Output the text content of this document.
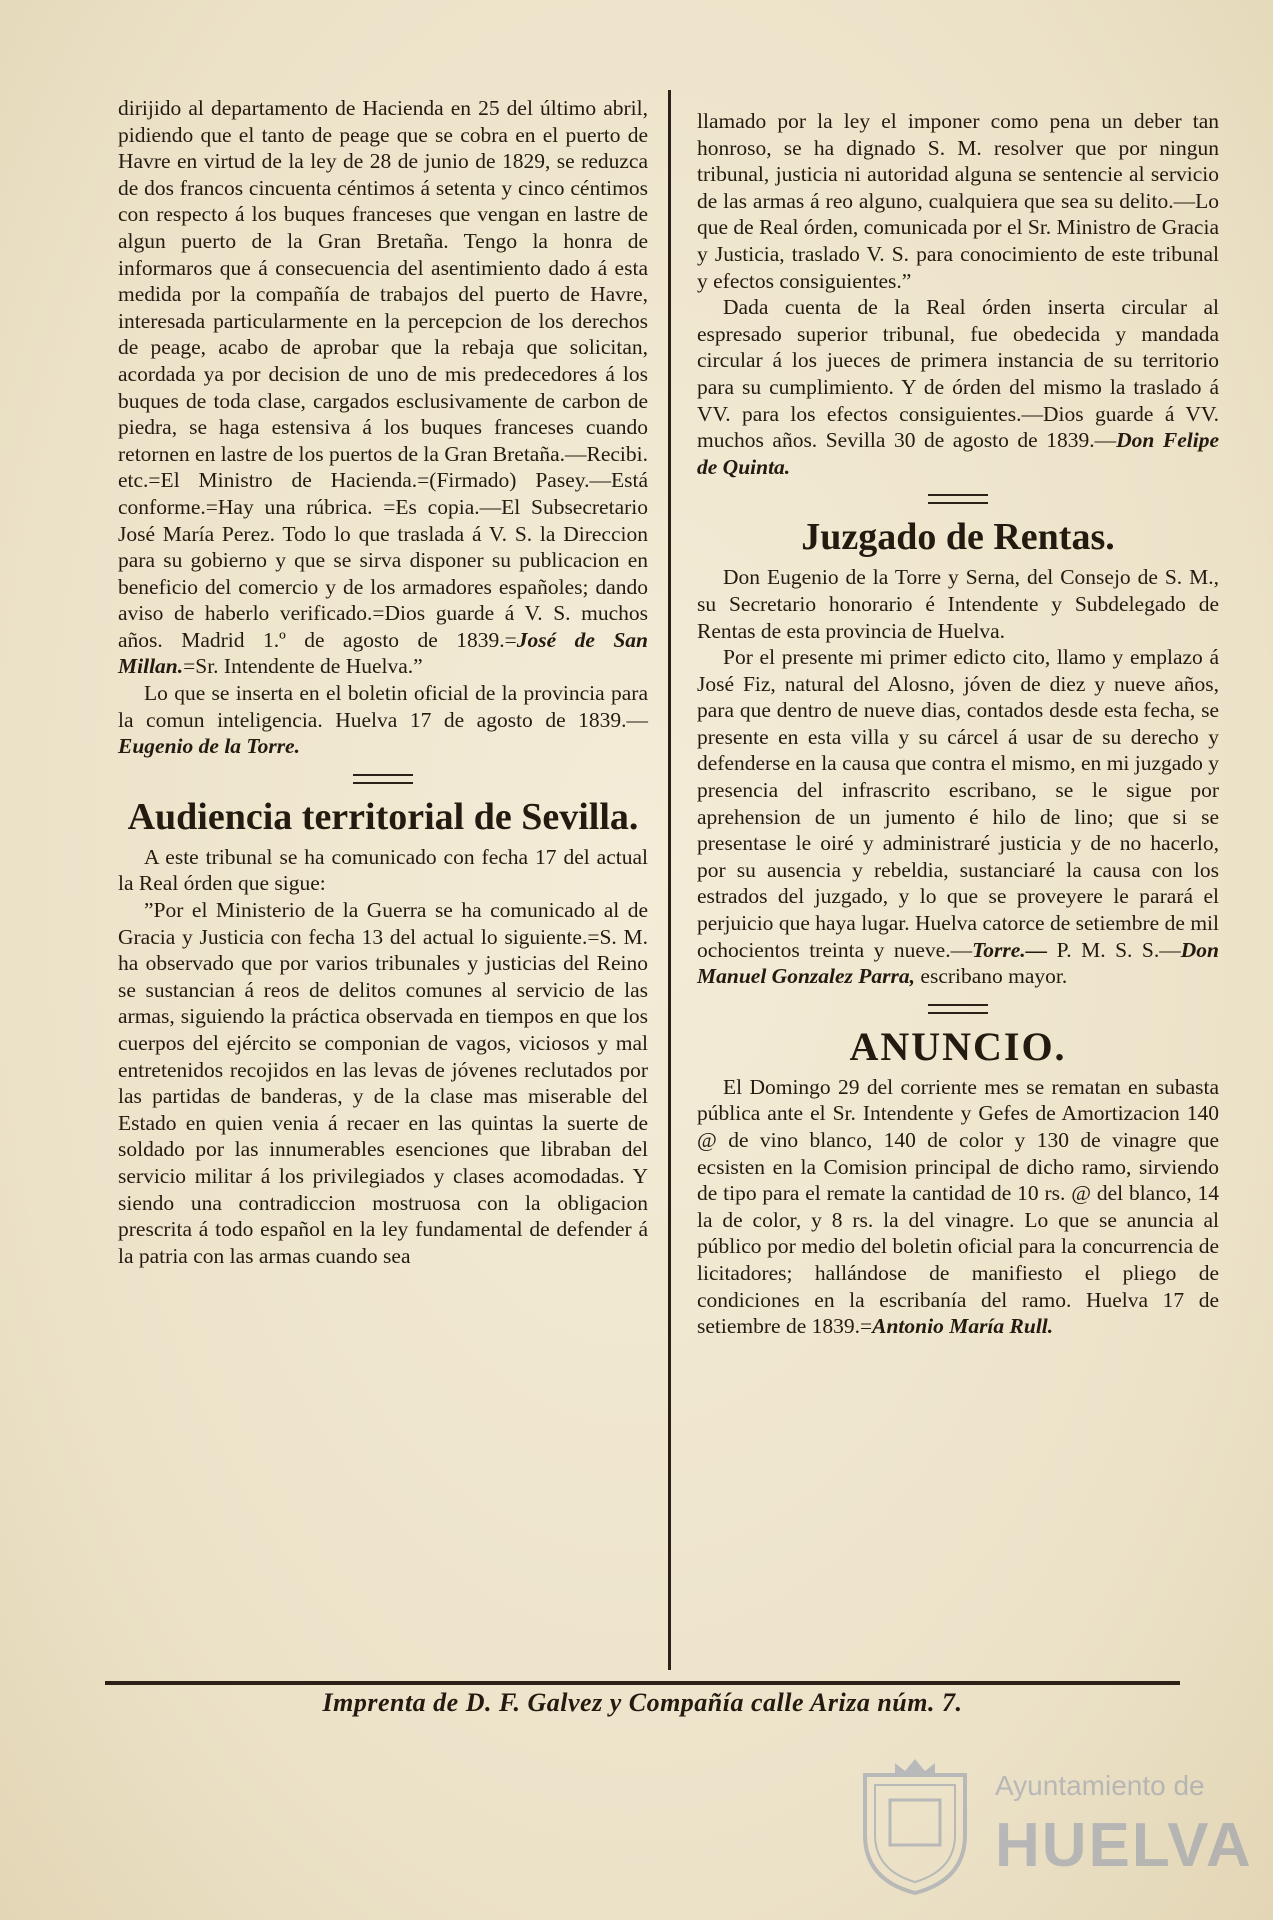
dirijido al departamento de Hacienda en 25 del último abril, pidiendo que el tanto de peage que se cobra en el puerto de Havre en virtud de la ley de 28 de junio de 1829, se reduzca de dos francos cincuenta céntimos á setenta y cinco céntimos con respecto á los buques franceses que vengan en lastre de algun puerto de la Gran Bretaña. Tengo la honra de informaros que á consecuencia del asentimiento dado á esta medida por la compañía de trabajos del puerto de Havre, interesada particularmente en la percepcion de los derechos de peage, acabo de aprobar que la rebaja que solicitan, acordada ya por decision de uno de mis predecedores á los buques de toda clase, cargados esclusivamente de carbon de piedra, se haga estensiva á los buques franceses cuando retornen en lastre de los puertos de la Gran Bretaña.—Recibi. etc.=El Ministro de Hacienda.=(Firmado) Pasey.—Está conforme.=Hay una rúbrica. =Es copia.—El Subsecretario José María Perez. Todo lo que traslada á V. S. la Direccion para su gobierno y que se sirva disponer su publicacion en beneficio del comercio y de los armadores españoles; dando aviso de haberlo verificado.=Dios guarde á V. S. muchos años. Madrid 1.º de agosto de 1839.=José de San Millan.=Sr. Intendente de Huelva.”

Lo que se inserta en el boletin oficial de la provincia para la comun inteligencia. Huelva 17 de agosto de 1839.—Eugenio de la Torre.

Audiencia territorial de Sevilla.

A este tribunal se ha comunicado con fecha 17 del actual la Real órden que sigue:

”Por el Ministerio de la Guerra se ha comunicado al de Gracia y Justicia con fecha 13 del actual lo siguiente.=S. M. ha observado que por varios tribunales y justicias del Reino se sustancian á reos de delitos comunes al servicio de las armas, siguiendo la práctica observada en tiempos en que los cuerpos del ejército se componian de vagos, viciosos y mal entretenidos recojidos en las levas de jóvenes reclutados por las partidas de banderas, y de la clase mas miserable del Estado en quien venia á recaer en las quintas la suerte de soldado por las innumerables esenciones que libraban del servicio militar á los privilegiados y clases acomodadas. Y siendo una contradiccion mostruosa con la obligacion prescrita á todo español en la ley fundamental de defender á la patria con las armas cuando sea

llamado por la ley el imponer como pena un deber tan honroso, se ha dignado S. M. resolver que por ningun tribunal, justicia ni autoridad alguna se sentencie al servicio de las armas á reo alguno, cualquiera que sea su delito.—Lo que de Real órden, comunicada por el Sr. Ministro de Gracia y Justicia, traslado V. S. para conocimiento de este tribunal y efectos consiguientes.”

Dada cuenta de la Real órden inserta circular al espresado superior tribunal, fue obedecida y mandada circular á los jueces de primera instancia de su territorio para su cumplimiento. Y de órden del mismo la traslado á VV. para los efectos consiguientes.—Dios guarde á VV. muchos años. Sevilla 30 de agosto de 1839.—Don Felipe de Quinta.

Juzgado de Rentas.

Don Eugenio de la Torre y Serna, del Consejo de S. M., su Secretario honorario é Intendente y Subdelegado de Rentas de esta provincia de Huelva.

Por el presente mi primer edicto cito, llamo y emplazo á José Fiz, natural del Alosno, jóven de diez y nueve años, para que dentro de nueve dias, contados desde esta fecha, se presente en esta villa y su cárcel á usar de su derecho y defenderse en la causa que contra el mismo, en mi juzgado y presencia del infrascrito escribano, se le sigue por aprehension de un jumento é hilo de lino; que si se presentase le oiré y administraré justicia y de no hacerlo, por su ausencia y rebeldia, sustanciaré la causa con los estrados del juzgado, y lo que se proveyere le parará el perjuicio que haya lugar. Huelva catorce de setiembre de mil ochocientos treinta y nueve.—Torre.— P. M. S. S.—Don Manuel Gonzalez Parra, escribano mayor.

ANUNCIO.

El Domingo 29 del corriente mes se rematan en subasta pública ante el Sr. Intendente y Gefes de Amortizacion 140 @ de vino blanco, 140 de color y 130 de vinagre que ecsisten en la Comision principal de dicho ramo, sirviendo de tipo para el remate la cantidad de 10 rs. @ del blanco, 14 la de color, y 8 rs. la del vinagre. Lo que se anuncia al público por medio del boletin oficial para la concurrencia de licitadores; hallándose de manifiesto el pliego de condiciones en la escribanía del ramo. Huelva 17 de setiembre de 1839.=Antonio María Rull.

Imprenta de D. F. Galvez y Compañía calle Ariza núm. 7.
Ayuntamiento de
HUELVA
